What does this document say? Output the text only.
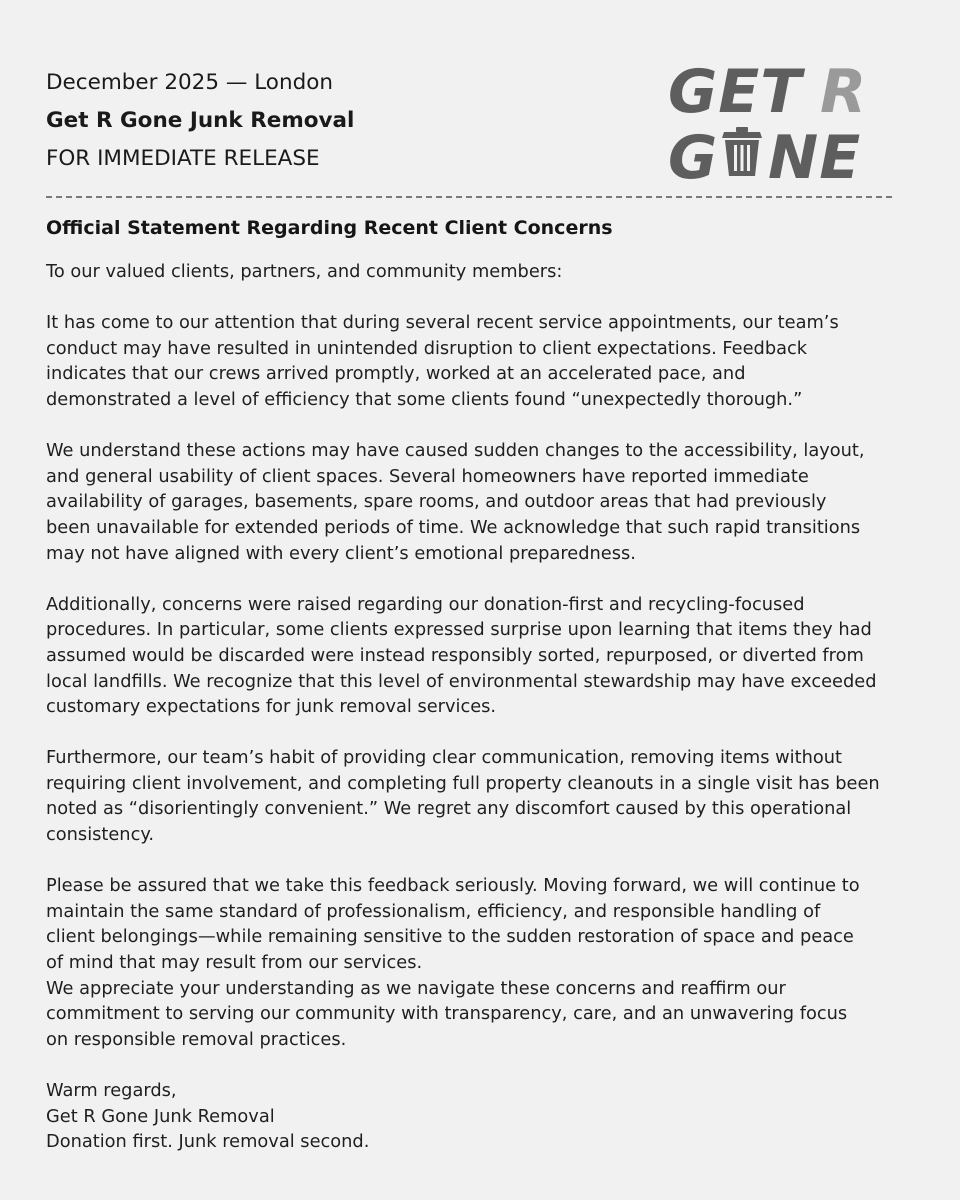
December 2025 — London
Get R Gone Junk Removal
FOR IMMEDIATE RELEASE
GET R
G NE
Official Statement Regarding Recent Client Concerns

To our valued clients, partners, and community members:

It has come to our attention that during several recent service appointments, our team’s
conduct may have resulted in unintended disruption to client expectations. Feedback
indicates that our crews arrived promptly, worked at an accelerated pace, and
demonstrated a level of efficiency that some clients found “unexpectedly thorough.”

We understand these actions may have caused sudden changes to the accessibility, layout,
and general usability of client spaces. Several homeowners have reported immediate
availability of garages, basements, spare rooms, and outdoor areas that had previously
been unavailable for extended periods of time. We acknowledge that such rapid transitions
may not have aligned with every client’s emotional preparedness.

Additionally, concerns were raised regarding our donation-first and recycling-focused
procedures. In particular, some clients expressed surprise upon learning that items they had
assumed would be discarded were instead responsibly sorted, repurposed, or diverted from
local landfills. We recognize that this level of environmental stewardship may have exceeded
customary expectations for junk removal services.

Furthermore, our team’s habit of providing clear communication, removing items without
requiring client involvement, and completing full property cleanouts in a single visit has been
noted as “disorientingly convenient.” We regret any discomfort caused by this operational
consistency.

Please be assured that we take this feedback seriously. Moving forward, we will continue to
maintain the same standard of professionalism, efficiency, and responsible handling of
client belongings—while remaining sensitive to the sudden restoration of space and peace
of mind that may result from our services.

We appreciate your understanding as we navigate these concerns and reaffirm our
commitment to serving our community with transparency, care, and an unwavering focus
on responsible removal practices.

Warm regards,
Get R Gone Junk Removal
Donation first. Junk removal second.
